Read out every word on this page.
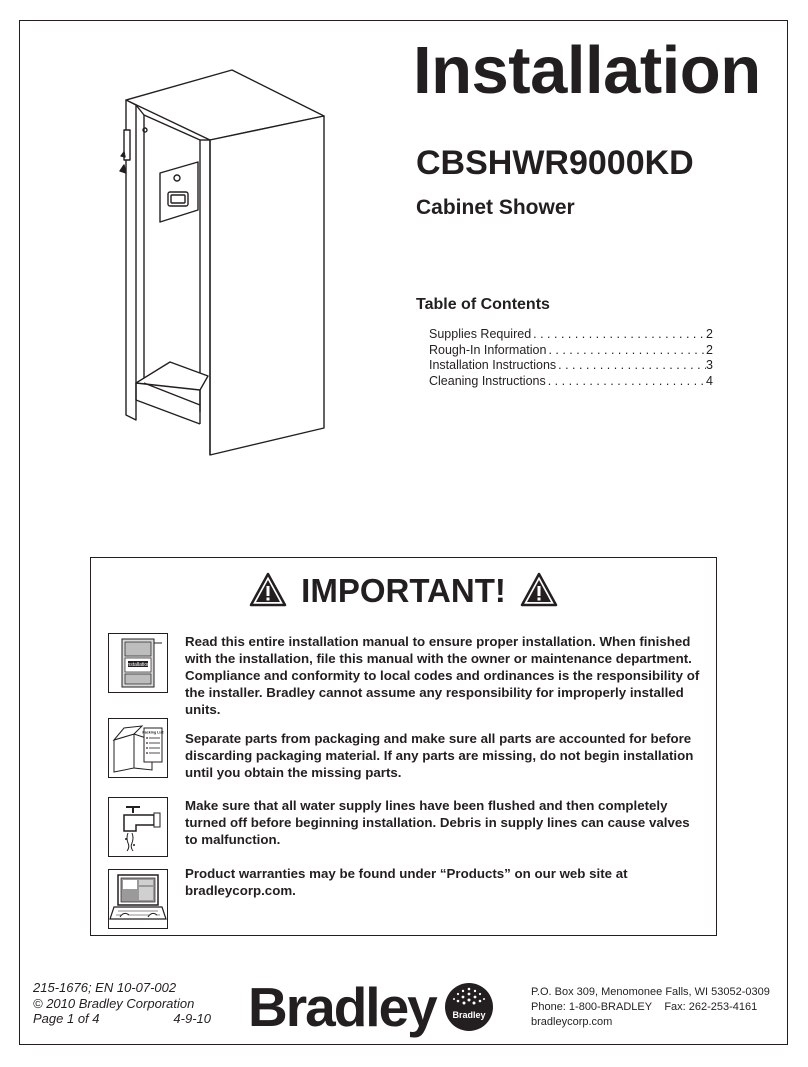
Installation
CBSHWR9000KD
Cabinet Shower
Table of Contents
Supplies Required . . .	2
Rough-In Information . . .	2
Installation Instructions . . .	3
Cleaning Instructions . . .	4
IMPORTANT!
Installation
Read this entire installation manual to ensure proper installation. When finished with the installation, file this manual with the owner or maintenance department. Compliance and conformity to local codes and ordinances is the responsibility of the installer. Bradley cannot assume any responsibility for improperly installed units.
Packing List Separate parts from packaging and make sure all parts are accounted for before discarding packaging material. If any parts are missing, do not begin installation until you obtain the missing parts.
Make sure that all water supply lines have been flushed and then completely turned off before beginning installation. Debris in supply lines can cause valves to malfunction.
Product warranties may be found under “Products” on our web site at bradleycorp.com.
215-1676; EN 10-07-002
© 2010 Bradley Corporation
Page 1 of 4	4-9-10 Bradley Bradley
P.O. Box 309, Menomonee Falls, WI 53052-0309
Phone: 1-800-BRADLEY Fax: 262-253-4161
bradleycorp.com
